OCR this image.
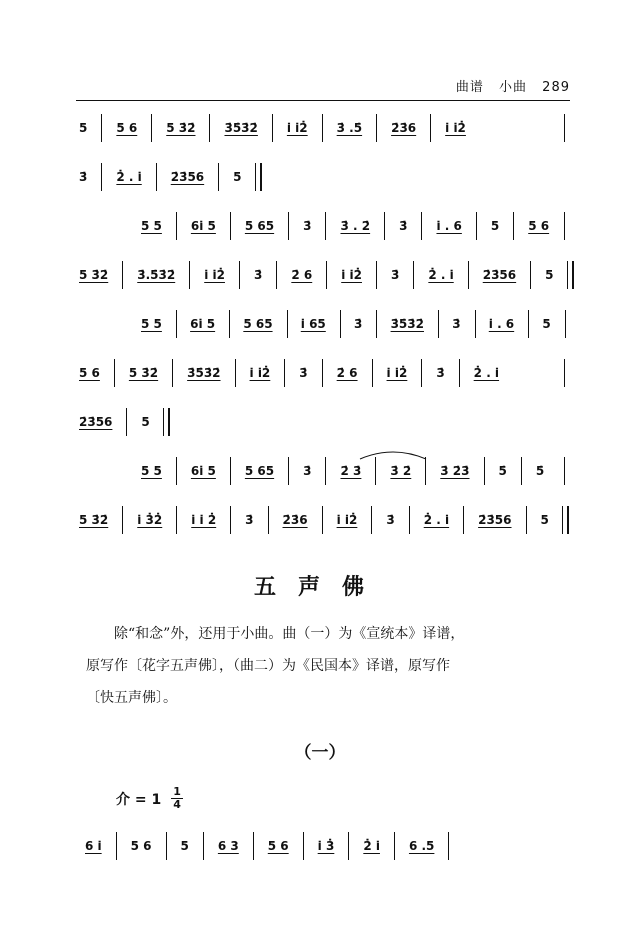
曲谱 小曲 289
5 5 6 5 3̇2̇ 3̇5̇3̇2̇ i̇ i̇2̇ 3̇ .5̇ 2̇3̇6 i̇ i̇2̇
3̇ 2̇ . i̇ 2̇3̇56 5
5 5 6i̇ 5 5 65 3̇ 3̇ . 2̇ 3̇ i̇ . 6 5 5 6
5 3̇2̇ 3̇.5̇3̇2̇ i̇ i̇2̇ 3̇ 2̇ 6 i̇ i̇2̇ 3̇ 2̇ . i̇ 2̇3̇56 5
5 5 6i̇ 5 5 65 i̇ 65 3̇ 3̇5̇3̇2̇ 3̇ i̇ . 6 5
5 6 5 3̇2̇ 3̇5̇3̇2̇ i̇ i̇2̇ 3̇ 2̇ 6 i̇ i̇2̇ 3̇ 2̇ . i̇
2̇3̇56 5
5 5 6i̇ 5 5 65 3̇ 2̇ 3̇ 3̇ 2̇ 3̇ 2̇3̇ 5̇ 5̇
5 3̇2̇ i̇ 3̇2̇ i̇ i̇ 2̇ 3̇ 2̇3̇6 i̇ i̇2̇ 3̇ 2̇ . i̇ 2̇3̇56 5
五声佛

除“和念”外，还用于小曲。曲（一）为《宣统本》译谱，

原写作〔花字五声佛〕，（曲二）为《民国本》译谱，原写作

〔快五声佛〕。

（一）
介 = $1 \frac{1}{4}$
6 i̇ 5 6 5 6 3 5 6 i̇ 3̇ 2̇ i̇ 6 .5
